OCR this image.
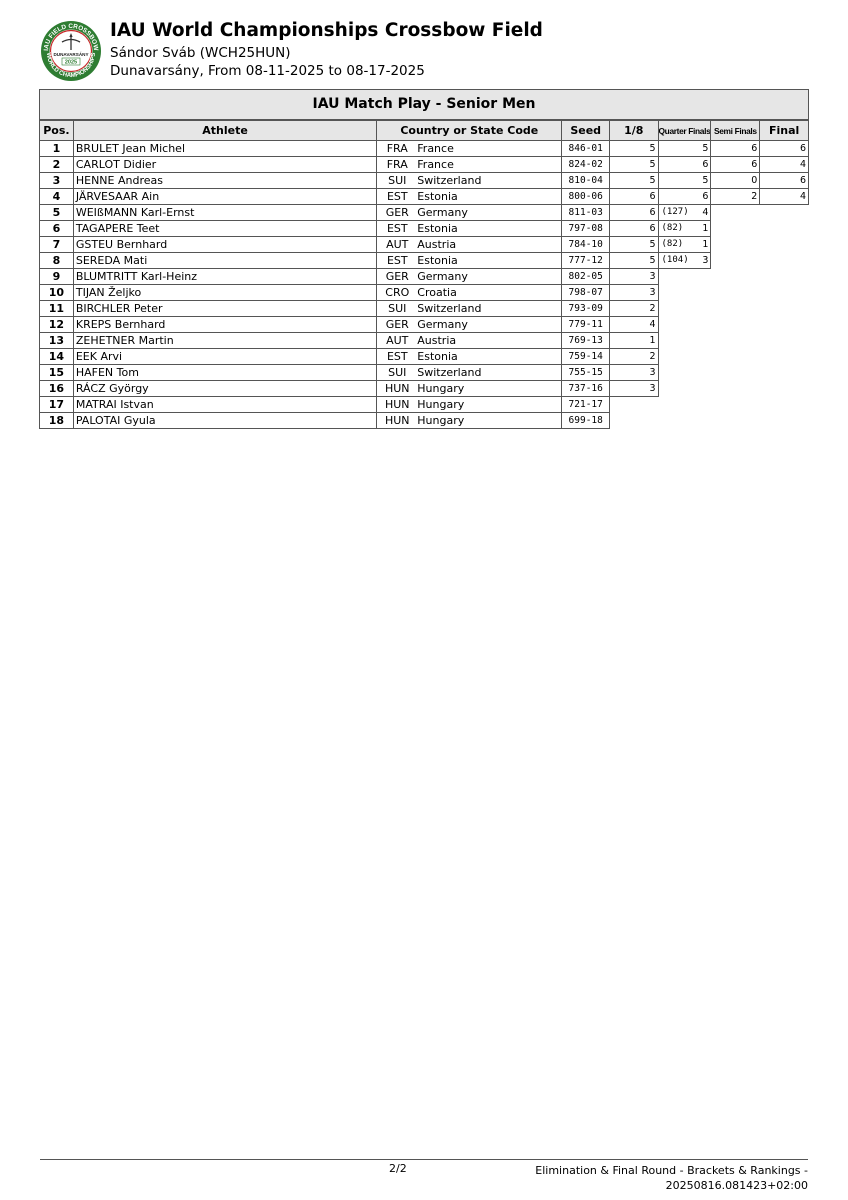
DUNAVARSÁNY
2025
IAU FIELD CROSSBOW
WORLD CHAMPIONSHIPS
IAU World Championships Crossbow Field
Sándor Sváb (WCH25HUN)
Dunavarsány, From 08-11-2025 to 08-17-2025
IAU Match Play - Senior Men
Pos.	Athlete	Country or State Code	Seed	1/8	Quarter Finals	Semi Finals	Final
1	BRULET Jean Michel	FRA France	846-01	5	5	6	6
2	CARLOT Didier	FRA France	824-02	5	6	6	4
3	HENNE Andreas	SUI Switzerland	810-04	5	5	0	6
4	JÄRVESAAR Ain	EST Estonia	800-06	6	6	2	4
5	WEIßMANN Karl-Ernst	GER Germany	811-03	6	(127) 4		

6	TAGAPERE Teet	EST Estonia	797-08	6	(82) 1		

7	GSTEU Bernhard	AUT Austria	784-10	5	(82) 1		

8	SEREDA Mati	EST Estonia	777-12	5	(104) 3		

9	BLUMTRITT Karl-Heinz	GER Germany	802-05	3			
10	TIJAN Željko	CRO Croatia	798-07	3			
11	BIRCHLER Peter	SUI Switzerland	793-09	2			
12	KREPS Bernhard	GER Germany	779-11	4			
13	ZEHETNER Martin	AUT Austria	769-13	1			
14	EEK Arvi	EST Estonia	759-14	2			
15	HAFEN Tom	SUI Switzerland	755-15	3			
16	RÁCZ György	HUN Hungary	737-16	3			
17	MATRAI Istvan	HUN Hungary	721-17				
18	PALOTAI Gyula	HUN Hungary	699-18				
2/2	Elimination & Final Round - Brackets & Rankings -
20250816.081423+02:00
